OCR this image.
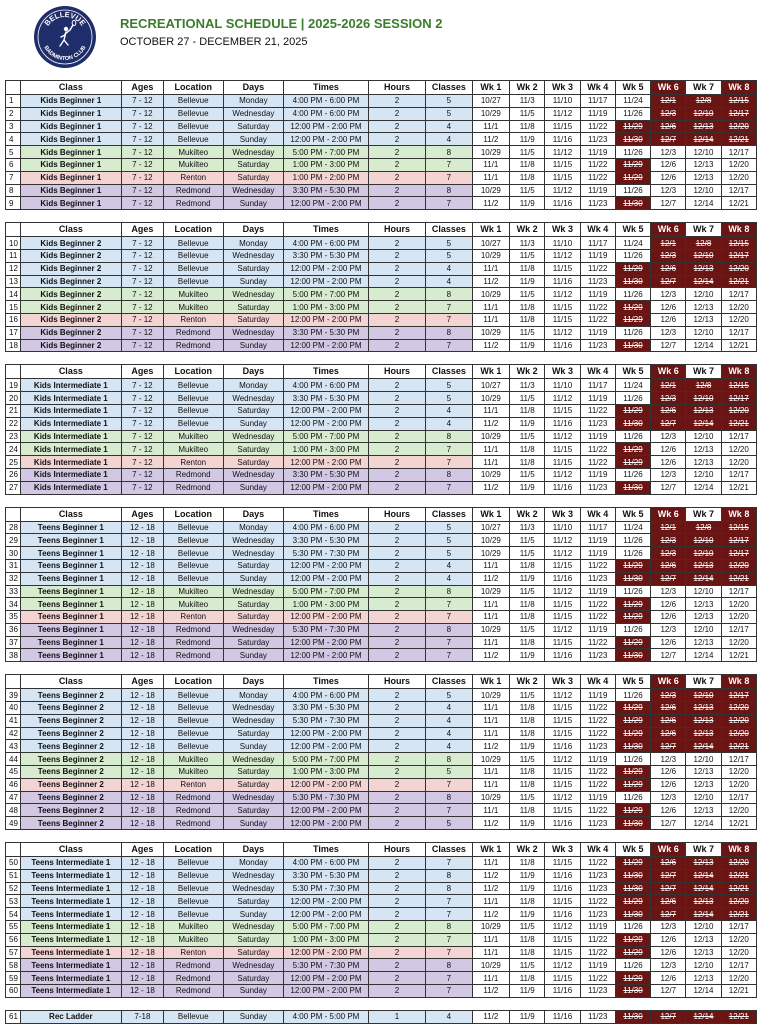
BELLEVUE
BADMINTON CLUB
RECREATIONAL SCHEDULE | 2025-2026 SESSION 2
OCTOBER 27 - DECEMBER 21, 2025
	Class	Ages	Location	Days	Times	Hours	Classes	Wk 1	Wk 2	Wk 3	Wk 4	Wk 5	Wk 6	Wk 7	Wk 8
1	Kids Beginner 1	7 - 12	Bellevue	Monday	4:00 PM - 6:00 PM	2	5	10/27	11/3	11/10	11/17	11/24	12/1	12/8	12/15
2	Kids Beginner 1	7 - 12	Bellevue	Wednesday	4:00 PM - 6:00 PM	2	5	10/29	11/5	11/12	11/19	11/26	12/3	12/10	12/17
3	Kids Beginner 1	7 - 12	Bellevue	Saturday	12:00 PM - 2:00 PM	2	4	11/1	11/8	11/15	11/22	11/29	12/6	12/13	12/20
4	Kids Beginner 1	7 - 12	Bellevue	Sunday	12:00 PM - 2:00 PM	2	4	11/2	11/9	11/16	11/23	11/30	12/7	12/14	12/21
5	Kids Beginner 1	7 - 12	Mukilteo	Wednesday	5:00 PM - 7:00 PM	2	8	10/29	11/5	11/12	11/19	11/26	12/3	12/10	12/17
6	Kids Beginner 1	7 - 12	Mukilteo	Saturday	1:00 PM - 3:00 PM	2	7	11/1	11/8	11/15	11/22	11/29	12/6	12/13	12/20
7	Kids Beginner 1	7 - 12	Renton	Saturday	1:00 PM - 2:00 PM	2	7	11/1	11/8	11/15	11/22	11/29	12/6	12/13	12/20
8	Kids Beginner 1	7 - 12	Redmond	Wednesday	3:30 PM - 5:30 PM	2	8	10/29	11/5	11/12	11/19	11/26	12/3	12/10	12/17
9	Kids Beginner 1	7 - 12	Redmond	Sunday	12:00 PM - 2:00 PM	2	7	11/2	11/9	11/16	11/23	11/30	12/7	12/14	12/21
	Class	Ages	Location	Days	Times	Hours	Classes	Wk 1	Wk 2	Wk 3	Wk 4	Wk 5	Wk 6	Wk 7	Wk 8
10	Kids Beginner 2	7 - 12	Bellevue	Monday	4:00 PM - 6:00 PM	2	5	10/27	11/3	11/10	11/17	11/24	12/1	12/8	12/15
11	Kids Beginner 2	7 - 12	Bellevue	Wednesday	3:30 PM - 5:30 PM	2	5	10/29	11/5	11/12	11/19	11/26	12/3	12/10	12/17
12	Kids Beginner 2	7 - 12	Bellevue	Saturday	12:00 PM - 2:00 PM	2	4	11/1	11/8	11/15	11/22	11/29	12/6	12/13	12/20
13	Kids Beginner 2	7 - 12	Bellevue	Sunday	12:00 PM - 2:00 PM	2	4	11/2	11/9	11/16	11/23	11/30	12/7	12/14	12/21
14	Kids Beginner 2	7 - 12	Mukilteo	Wednesday	5:00 PM - 7:00 PM	2	8	10/29	11/5	11/12	11/19	11/26	12/3	12/10	12/17
15	Kids Beginner 2	7 - 12	Mukilteo	Saturday	1:00 PM - 3:00 PM	2	7	11/1	11/8	11/15	11/22	11/29	12/6	12/13	12/20
16	Kids Beginner 2	7 - 12	Renton	Saturday	12:00 PM - 2:00 PM	2	7	11/1	11/8	11/15	11/22	11/29	12/6	12/13	12/20
17	Kids Beginner 2	7 - 12	Redmond	Wednesday	3:30 PM - 5:30 PM	2	8	10/29	11/5	11/12	11/19	11/26	12/3	12/10	12/17
18	Kids Beginner 2	7 - 12	Redmond	Sunday	12:00 PM - 2:00 PM	2	7	11/2	11/9	11/16	11/23	11/30	12/7	12/14	12/21
	Class	Ages	Location	Days	Times	Hours	Classes	Wk 1	Wk 2	Wk 3	Wk 4	Wk 5	Wk 6	Wk 7	Wk 8
19	Kids Intermediate 1	7 - 12	Bellevue	Monday	4:00 PM - 6:00 PM	2	5	10/27	11/3	11/10	11/17	11/24	12/1	12/8	12/15
20	Kids Intermediate 1	7 - 12	Bellevue	Wednesday	3:30 PM - 5:30 PM	2	5	10/29	11/5	11/12	11/19	11/26	12/3	12/10	12/17
21	Kids Intermediate 1	7 - 12	Bellevue	Saturday	12:00 PM - 2:00 PM	2	4	11/1	11/8	11/15	11/22	11/29	12/6	12/13	12/20
22	Kids Intermediate 1	7 - 12	Bellevue	Sunday	12:00 PM - 2:00 PM	2	4	11/2	11/9	11/16	11/23	11/30	12/7	12/14	12/21
23	Kids Intermediate 1	7 - 12	Mukilteo	Wednesday	5:00 PM - 7:00 PM	2	8	10/29	11/5	11/12	11/19	11/26	12/3	12/10	12/17
24	Kids Intermediate 1	7 - 12	Mukilteo	Saturday	1:00 PM - 3:00 PM	2	7	11/1	11/8	11/15	11/22	11/29	12/6	12/13	12/20
25	Kids Intermediate 1	7 - 12	Renton	Saturday	12:00 PM - 2:00 PM	2	7	11/1	11/8	11/15	11/22	11/29	12/6	12/13	12/20
26	Kids Intermediate 1	7 - 12	Redmond	Wednesday	3:30 PM - 5:30 PM	2	8	10/29	11/5	11/12	11/19	11/26	12/3	12/10	12/17
27	Kids Intermediate 1	7 - 12	Redmond	Sunday	12:00 PM - 2:00 PM	2	7	11/2	11/9	11/16	11/23	11/30	12/7	12/14	12/21
	Class	Ages	Location	Days	Times	Hours	Classes	Wk 1	Wk 2	Wk 3	Wk 4	Wk 5	Wk 6	Wk 7	Wk 8
28	Teens Beginner 1	12 - 18	Bellevue	Monday	4:00 PM - 6:00 PM	2	5	10/27	11/3	11/10	11/17	11/24	12/1	12/8	12/15
29	Teens Beginner 1	12 - 18	Bellevue	Wednesday	3:30 PM - 5:30 PM	2	5	10/29	11/5	11/12	11/19	11/26	12/3	12/10	12/17
30	Teens Beginner 1	12 - 18	Bellevue	Wednesday	5:30 PM - 7:30 PM	2	5	10/29	11/5	11/12	11/19	11/26	12/3	12/10	12/17
31	Teens Beginner 1	12 - 18	Bellevue	Saturday	12:00 PM - 2:00 PM	2	4	11/1	11/8	11/15	11/22	11/29	12/6	12/13	12/20
32	Teens Beginner 1	12 - 18	Bellevue	Sunday	12:00 PM - 2:00 PM	2	4	11/2	11/9	11/16	11/23	11/30	12/7	12/14	12/21
33	Teens Beginner 1	12 - 18	Mukilteo	Wednesday	5:00 PM - 7:00 PM	2	8	10/29	11/5	11/12	11/19	11/26	12/3	12/10	12/17
34	Teens Beginner 1	12 - 18	Mukilteo	Saturday	1:00 PM - 3:00 PM	2	7	11/1	11/8	11/15	11/22	11/29	12/6	12/13	12/20
35	Teens Beginner 1	12 - 18	Renton	Saturday	12:00 PM - 2:00 PM	2	7	11/1	11/8	11/15	11/22	11/29	12/6	12/13	12/20
36	Teens Beginner 1	12 - 18	Redmond	Wednesday	5:30 PM - 7:30 PM	2	8	10/29	11/5	11/12	11/19	11/26	12/3	12/10	12/17
37	Teens Beginner 1	12 - 18	Redmond	Saturday	12:00 PM - 2:00 PM	2	7	11/1	11/8	11/15	11/22	11/29	12/6	12/13	12/20
38	Teens Beginner 1	12 - 18	Redmond	Sunday	12:00 PM - 2:00 PM	2	7	11/2	11/9	11/16	11/23	11/30	12/7	12/14	12/21
	Class	Ages	Location	Days	Times	Hours	Classes	Wk 1	Wk 2	Wk 3	Wk 4	Wk 5	Wk 6	Wk 7	Wk 8
39	Teens Beginner 2	12 - 18	Bellevue	Monday	4:00 PM - 6:00 PM	2	5	10/29	11/5	11/12	11/19	11/26	12/3	12/10	12/17
40	Teens Beginner 2	12 - 18	Bellevue	Wednesday	3:30 PM - 5:30 PM	2	4	11/1	11/8	11/15	11/22	11/29	12/6	12/13	12/20
41	Teens Beginner 2	12 - 18	Bellevue	Wednesday	5:30 PM - 7:30 PM	2	4	11/1	11/8	11/15	11/22	11/29	12/6	12/13	12/20
42	Teens Beginner 2	12 - 18	Bellevue	Saturday	12:00 PM - 2:00 PM	2	4	11/1	11/8	11/15	11/22	11/29	12/6	12/13	12/20
43	Teens Beginner 2	12 - 18	Bellevue	Sunday	12:00 PM - 2:00 PM	2	4	11/2	11/9	11/16	11/23	11/30	12/7	12/14	12/21
44	Teens Beginner 2	12 - 18	Mukilteo	Wednesday	5:00 PM - 7:00 PM	2	8	10/29	11/5	11/12	11/19	11/26	12/3	12/10	12/17
45	Teens Beginner 2	12 - 18	Mukilteo	Saturday	1:00 PM - 3:00 PM	2	5	11/1	11/8	11/15	11/22	11/29	12/6	12/13	12/20
46	Teens Beginner 2	12 - 18	Renton	Saturday	12:00 PM - 2:00 PM	2	7	11/1	11/8	11/15	11/22	11/29	12/6	12/13	12/20
47	Teens Beginner 2	12 - 18	Redmond	Wednesday	5:30 PM - 7:30 PM	2	8	10/29	11/5	11/12	11/19	11/26	12/3	12/10	12/17
48	Teens Beginner 2	12 - 18	Redmond	Saturday	12:00 PM - 2:00 PM	2	7	11/1	11/8	11/15	11/22	11/29	12/6	12/13	12/20
49	Teens Beginner 2	12 - 18	Redmond	Sunday	12:00 PM - 2:00 PM	2	5	11/2	11/9	11/16	11/23	11/30	12/7	12/14	12/21
	Class	Ages	Location	Days	Times	Hours	Classes	Wk 1	Wk 2	Wk 3	Wk 4	Wk 5	Wk 6	Wk 7	Wk 8
50	Teens Intermediate 1	12 - 18	Bellevue	Monday	4:00 PM - 6:00 PM	2	7	11/1	11/8	11/15	11/22	11/29	12/6	12/13	12/20
51	Teens Intermediate 1	12 - 18	Bellevue	Wednesday	3:30 PM - 5:30 PM	2	8	11/2	11/9	11/16	11/23	11/30	12/7	12/14	12/21
52	Teens Intermediate 1	12 - 18	Bellevue	Wednesday	5:30 PM - 7:30 PM	2	8	11/2	11/9	11/16	11/23	11/30	12/7	12/14	12/21
53	Teens Intermediate 1	12 - 18	Bellevue	Saturday	12:00 PM - 2:00 PM	2	7	11/1	11/8	11/15	11/22	11/29	12/6	12/13	12/20
54	Teens Intermediate 1	12 - 18	Bellevue	Sunday	12:00 PM - 2:00 PM	2	7	11/2	11/9	11/16	11/23	11/30	12/7	12/14	12/21
55	Teens Intermediate 1	12 - 18	Mukilteo	Wednesday	5:00 PM - 7:00 PM	2	8	10/29	11/5	11/12	11/19	11/26	12/3	12/10	12/17
56	Teens Intermediate 1	12 - 18	Mukilteo	Saturday	1:00 PM - 3:00 PM	2	7	11/1	11/8	11/15	11/22	11/29	12/6	12/13	12/20
57	Teens Intermediate 1	12 - 18	Renton	Saturday	12:00 PM - 2:00 PM	2	7	11/1	11/8	11/15	11/22	11/29	12/6	12/13	12/20
58	Teens Intermediate 1	12 - 18	Redmond	Wednesday	5:30 PM - 7:30 PM	2	8	10/29	11/5	11/12	11/19	11/26	12/3	12/10	12/17
59	Teens Intermediate 1	12 - 18	Redmond	Saturday	12:00 PM - 2:00 PM	2	7	11/1	11/8	11/15	11/22	11/29	12/6	12/13	12/20
60	Teens Intermediate 1	12 - 18	Redmond	Sunday	12:00 PM - 2:00 PM	2	7	11/2	11/9	11/16	11/23	11/30	12/7	12/14	12/21
61	Rec Ladder	7-18	Bellevue	Sunday	4:00 PM - 5:00 PM	1	4	11/2	11/9	11/16	11/23	11/30	12/7	12/14	12/21
